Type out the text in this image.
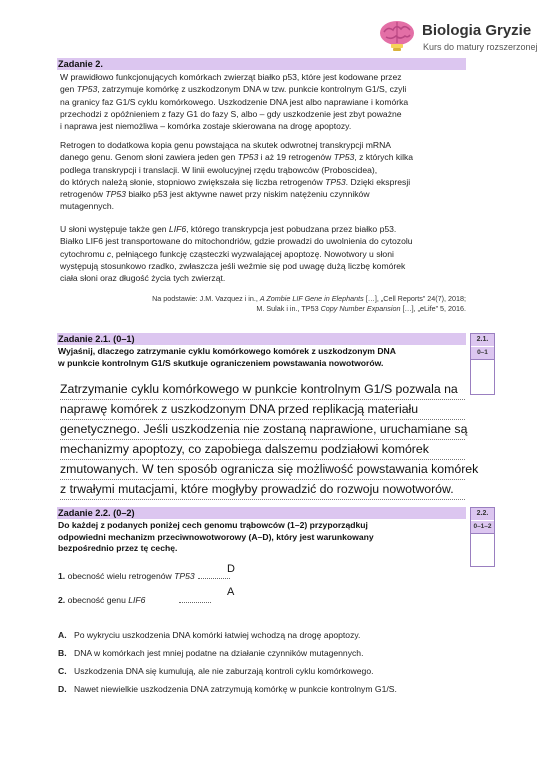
Biologia Gryzie
Kurs do matury rozszerzonej
Zadanie 2.
W prawidłowo funkcjonujących komórkach zwierząt białko p53, które jest kodowane przez
gen TP53, zatrzymuje komórkę z uszkodzonym DNA w tzw. punkcie kontrolnym G1/S, czyli
na granicy faz G1/S cyklu komórkowego. Uszkodzenie DNA jest albo naprawiane i komórka
przechodzi z opóźnieniem z fazy G1 do fazy S, albo – gdy uszkodzenie jest zbyt poważne
i naprawa jest niemożliwa – komórka zostaje skierowana na drogę apoptozy.
Retrogen to dodatkowa kopia genu powstająca na skutek odwrotnej transkrypcji mRNA
danego genu. Genom słoni zawiera jeden gen TP53 i aż 19 retrogenów TP53, z których kilka
podlega transkrypcji i translacji. W linii ewolucyjnej rzędu trąbowców (Proboscidea),
do których należą słonie, stopniowo zwiększała się liczba retrogenów TP53. Dzięki ekspresji
retrogenów TP53 białko p53 jest aktywne nawet przy niskim natężeniu czynników
mutagennych.
U słoni występuje także gen LIF6, którego transkrypcja jest pobudzana przez białko p53.
Białko LIF6 jest transportowane do mitochondriów, gdzie prowadzi do uwolnienia do cytozolu
cytochromu c, pełniącego funkcję cząsteczki wyzwalającej apoptozę. Nowotwory u słoni
występują stosunkowo rzadko, zwłaszcza jeśli weźmie się pod uwagę dużą liczbę komórek
ciała słoni oraz długość życia tych zwierząt.
Na podstawie: J.M. Vazquez i in., A Zombie LIF Gene in Elephants […], „Cell Reports” 24(7), 2018;
M. Sulak i in., TP53 Copy Number Expansion […], „eLife” 5, 2016.
Zadanie 2.1. (0–1)
Wyjaśnij, dlaczego zatrzymanie cyklu komórkowego komórek z uszkodzonym DNA
w punkcie kontrolnym G1/S skutkuje ograniczeniem powstawania nowotworów.
2.1.
0–1
Zatrzymanie cyklu komórkowego w punkcie kontrolnym G1/S pozwala na
naprawę komórek z uszkodzonym DNA przed replikacją materiału
genetycznego. Jeśli uszkodzenia nie zostaną naprawione, uruchamiane są
mechanizmy apoptozy, co zapobiega dalszemu podziałowi komórek
zmutowanych. W ten sposób ogranicza się możliwość powstawania komórek
z trwałymi mutacjami, które mogłyby prowadzić do rozwoju nowotworów.
Zadanie 2.2. (0–2)
Do każdej z podanych poniżej cech genomu trąbowców (1–2) przyporządkuj
odpowiedni mechanizm przeciwnowotworowy (A–D), który jest warunkowany
bezpośrednio przez tę cechę.
2.2.
0–1–2
1. obecność wielu retrogenów TP53
D
2. obecność genu LIF6
A
A. Po wykryciu uszkodzenia DNA komórki łatwiej wchodzą na drogę apoptozy.
B. DNA w komórkach jest mniej podatne na działanie czynników mutagennych.
C. Uszkodzenia DNA się kumulują, ale nie zaburzają kontroli cyklu komórkowego.
D. Nawet niewielkie uszkodzenia DNA zatrzymują komórkę w punkcie kontrolnym G1/S.
